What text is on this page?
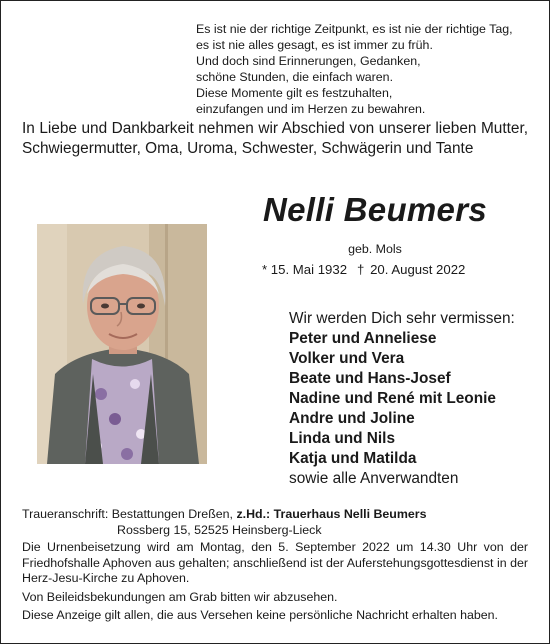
Es ist nie der richtige Zeitpunkt, es ist nie der richtige Tag,
es ist nie alles gesagt, es ist immer zu früh.
Und doch sind Erinnerungen, Gedanken,
schöne Stunden, die einfach waren.
Diese Momente gilt es festzuhalten,
einzufangen und im Herzen zu bewahren.

In Liebe und Dankbarkeit nehmen wir Abschied von unserer lieben Mutter, Schwiegermutter, Oma, Uroma, Schwester, Schwägerin und Tante

Nelli Beumers

geb. Mols

* 15. Mai 1932 † 20. August 2022

Wir werden Dich sehr vermissen:
Peter und Anneliese
Volker und Vera
Beate und Hans-Josef
Nadine und René mit Leonie
Andre und Joline
Linda und Nils
Katja und Matilda
sowie alle Anverwandten
Traueranschrift: Bestattungen Dreßen, z.Hd.: Trauerhaus Nelli Beumers
Rossberg 15, 52525 Heinsberg-Lieck

Die Urnenbeisetzung wird am Montag, den 5. September 2022 um 14.30 Uhr von der Friedhofshalle Aphoven aus gehalten; anschließend ist der Auferstehungsgottesdienst in der Herz-Jesu-Kirche zu Aphoven.

Von Beileidsbekundungen am Grab bitten wir abzusehen.

Diese Anzeige gilt allen, die aus Versehen keine persönliche Nachricht erhalten haben.
